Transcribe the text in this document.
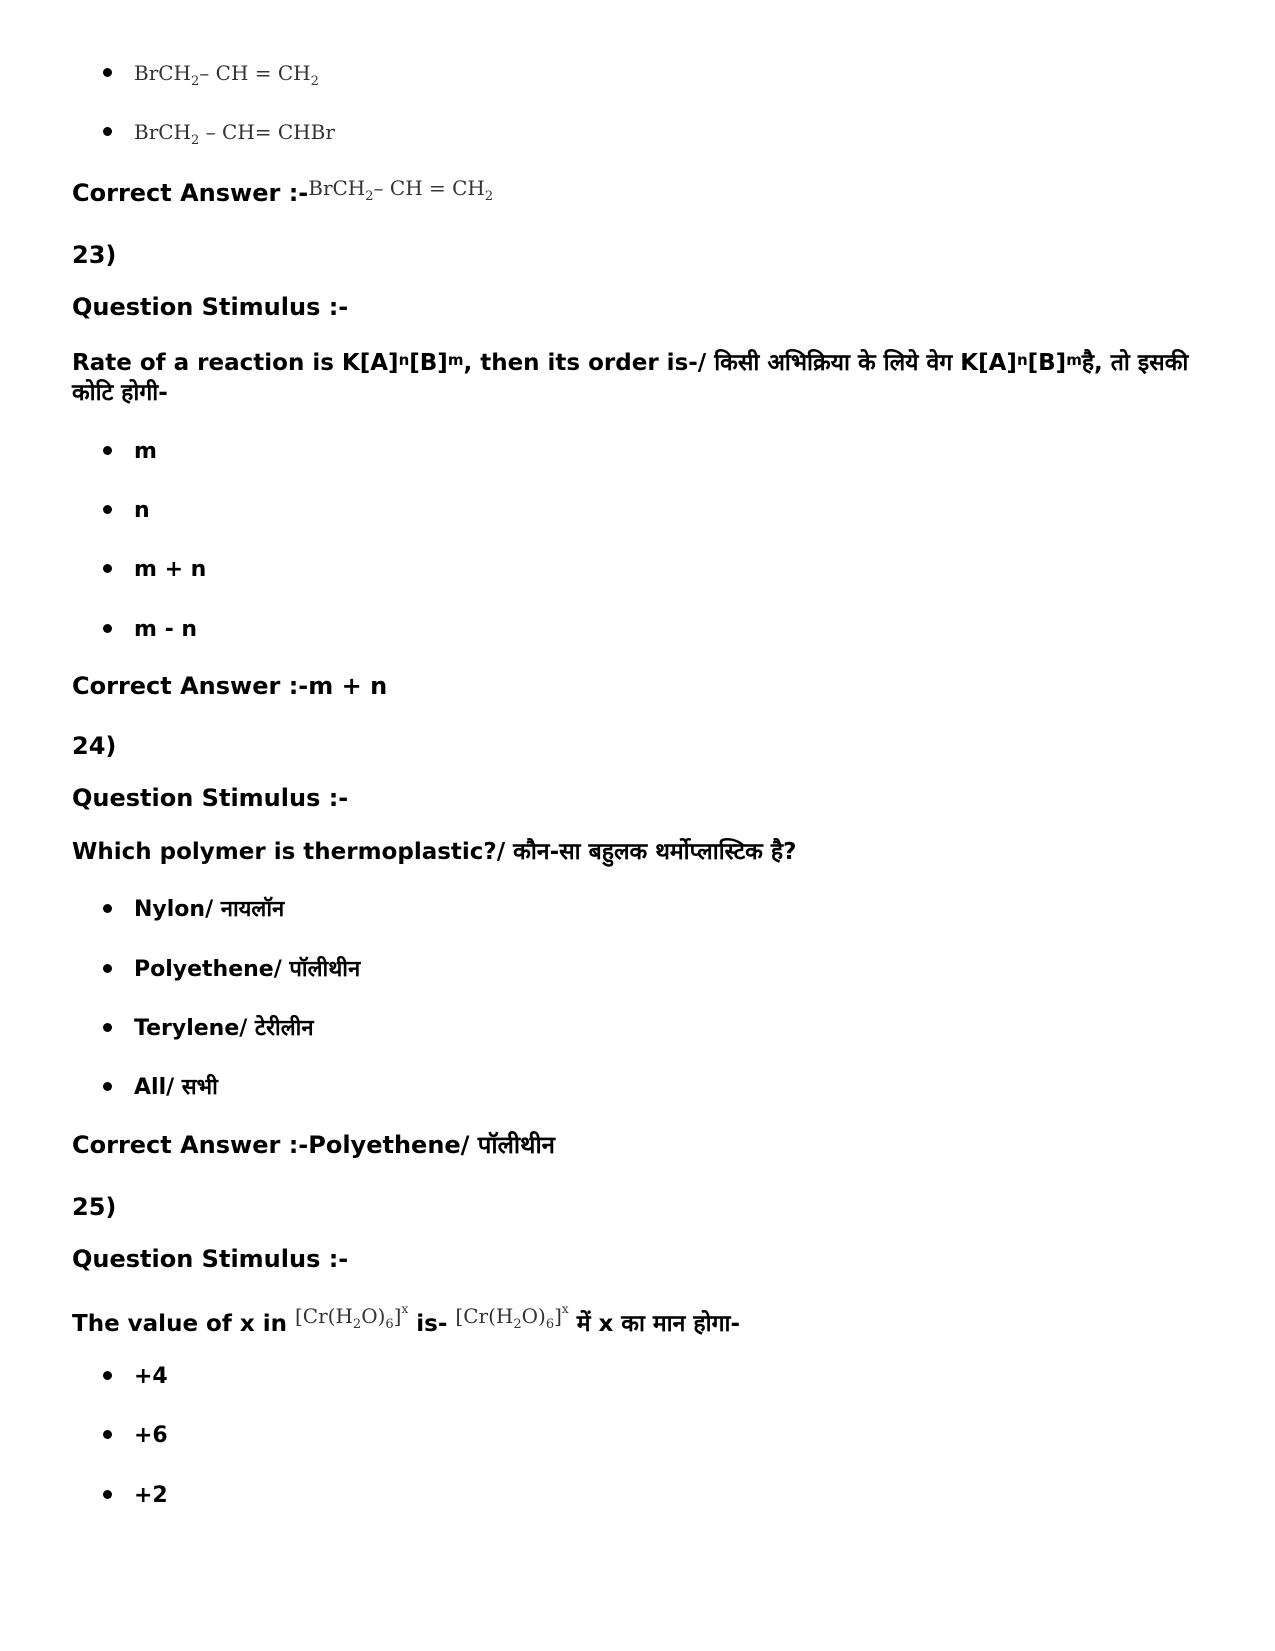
BrCH$_2$– CH = $CH_2$
BrCH$_2$ – CH= CHBr
Correct Answer :-$^{BrCH_2- CH = CH_2}$
23)
Question Stimulus :-
Rate of a reaction is $K[A]^n[B]^m$, then its order is-/ किसी अभिक्रिया के लिये वेग $K[A]^n[B]^mहै$, तो इसकी कोटि होगी-
m
n
m + n
m - n
Correct Answer :-m + n
24)
Question Stimulus :-
Which polymer is thermoplastic?/ कौन-सा बहुलक थर्मोप्लास्टिक है?
Nylon/ नायलॉन
Polyethene/ पॉलीथीन
Terylene/ टेरीलीन
All/ सभी
Correct Answer :-Polyethene/ पॉलीथीन
25)
Question Stimulus :-
The value of x in $[Cr(H_2O)_6]^x$ is- $[Cr(H_2O)_6]^x$ में x का मान होगा-
+4
+6
+2
